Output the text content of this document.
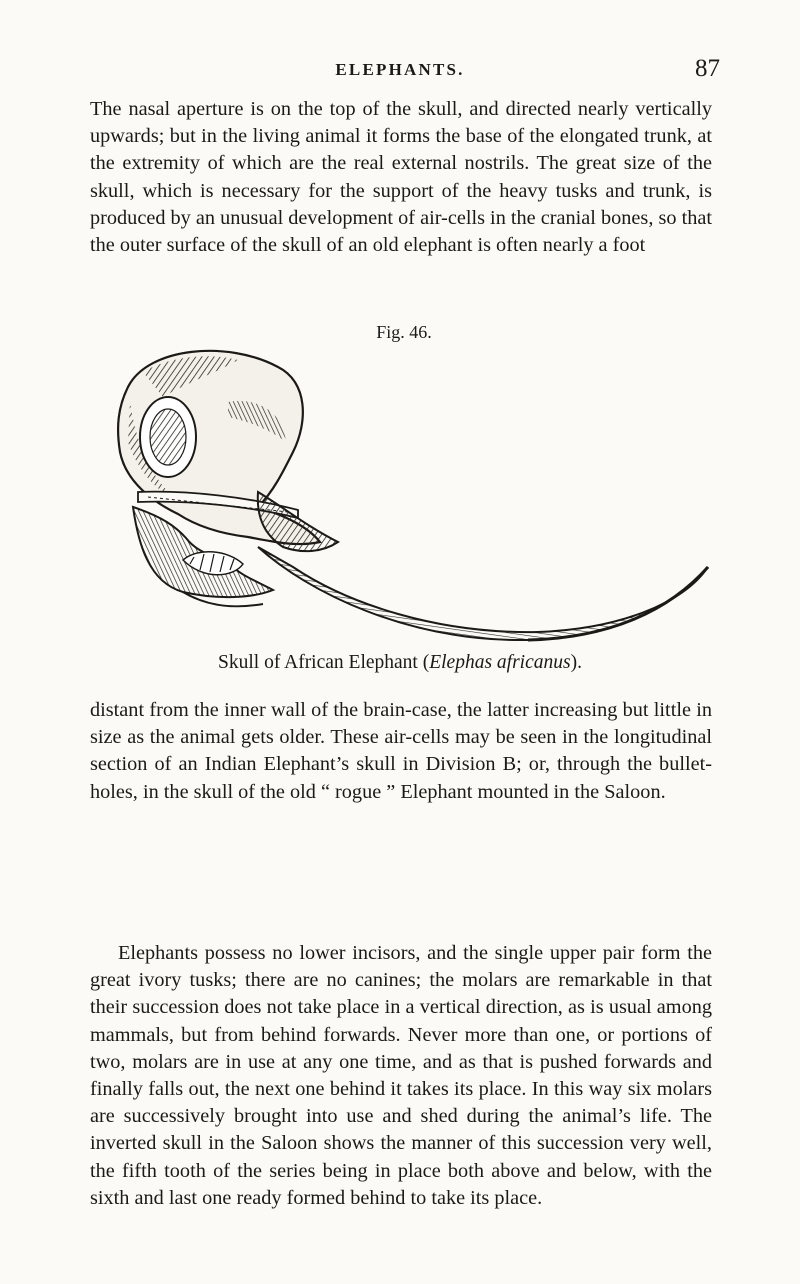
ELEPHANTS.	87

The nasal aperture is on the top of the skull, and directed nearly vertically upwards; but in the living animal it forms the base of the elongated trunk, at the extremity of which are the real external nostrils. The great size of the skull, which is necessary for the support of the heavy tusks and trunk, is produced by an unusual development of air-cells in the cranial bones, so that the outer surface of the skull of an old elephant is often nearly a foot

Fig. 46.
Skull of African Elephant (Elephas africanus).

distant from the inner wall of the brain-case, the latter increasing but little in size as the animal gets older. These air-cells may be seen in the longitudinal section of an Indian Elephant’s skull in Division B; or, through the bullet-holes, in the skull of the old “ rogue ” Elephant mounted in the Saloon.

Elephants possess no lower incisors, and the single upper pair form the great ivory tusks; there are no canines; the molars are remarkable in that their succession does not take place in a vertical direction, as is usual among mammals, but from behind forwards. Never more than one, or portions of two, molars are in use at any one time, and as that is pushed forwards and finally falls out, the next one behind it takes its place. In this way six molars are successively brought into use and shed during the animal’s life. The inverted skull in the Saloon shows the manner of this succession very well, the fifth tooth of the series being in place both above and below, with the sixth and last one ready formed behind to take its place.
